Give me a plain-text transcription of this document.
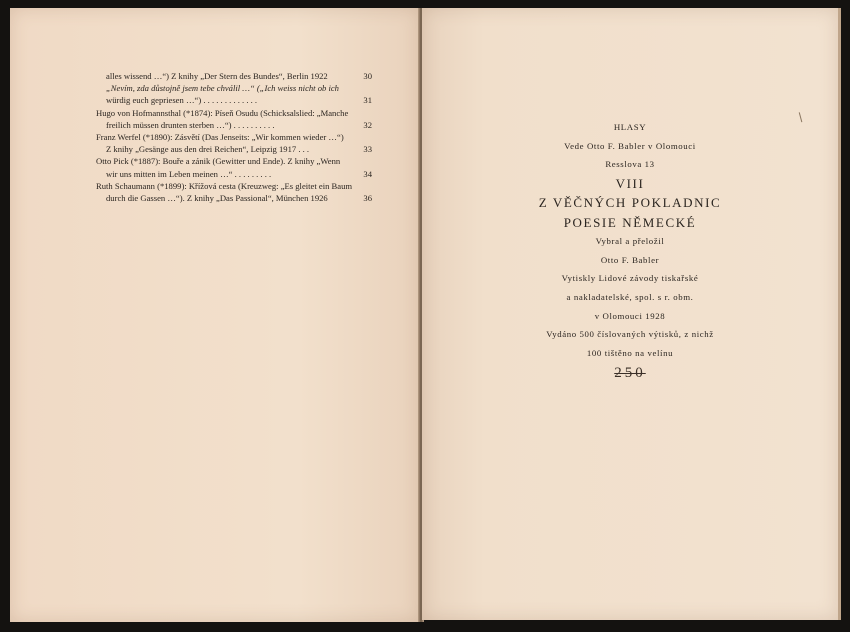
alles wissend …“) Z knihy „Der Stern des Bundes“, Berlin 1922	30
„Nevím, zda důstojně jsem tebe chválil …“ („Ich weiss nicht ob ich
würdig euch gepriesen …“) . . . . . . . . . . . . .	31
Hugo von Hofmannsthal (*1874): Píseň Osudu (Schicksalslied: „Manche
freilich müssen drunten sterben …“) . . . . . . . . . .	32
Franz Werfel (*1890): Zásvětí (Das Jenseits: „Wir kommen wieder …“)
Z knihy „Gesänge aus den drei Reichen“, Leipzig 1917 . . .	33
Otto Pick (*1887): Bouře a zánik (Gewitter und Ende). Z knihy „Wenn
wir uns mitten im Leben meinen …“ . . . . . . . . .	34
Ruth Schaumann (*1899): Křížová cesta (Kreuzweg: „Es gleitet ein Baum
durch die Gassen …“). Z knihy „Das Passional“, München 1926	36
HLASY
Vede Otto F. Babler v Olomouci
Resslova 13
VIII
Z VĚČNÝCH POKLADNIC
POESIE NĚMECKÉ
Vybral a přeložil
Otto F. Babler
Vytiskly Lidové závody tiskařské
a nakladatelské, spol. s r. obm.
v Olomouci 1928
Vydáno 500 číslovaných výtisků, z nichž
100 tištěno na velínu
250
